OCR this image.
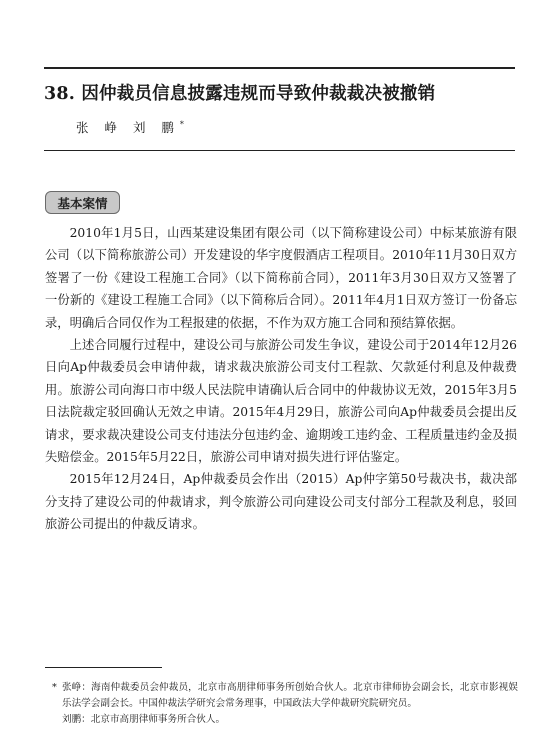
38. 因仲裁员信息披露违规而导致仲裁裁决被撤销
张 峥 刘 鹏*
基本案情

2010年1月5日，山西某建设集团有限公司（以下简称建设公司）中标某旅游有限公司（以下简称旅游公司）开发建设的华宇度假酒店工程项目。2010年11月30日双方签署了一份《建设工程施工合同》（以下简称前合同），2011年3月30日双方又签署了一份新的《建设工程施工合同》（以下简称后合同）。2011年4月1日双方签订一份备忘录，明确后合同仅作为工程报建的依据，不作为双方施工合同和预结算依据。

上述合同履行过程中，建设公司与旅游公司发生争议，建设公司于2014年12月26日向Ap仲裁委员会申请仲裁，请求裁决旅游公司支付工程款、欠款延付利息及仲裁费用。旅游公司向海口市中级人民法院申请确认后合同中的仲裁协议无效，2015年3月5日法院裁定驳回确认无效之申请。2015年4月29日，旅游公司向Ap仲裁委员会提出反请求，要求裁决建设公司支付违法分包违约金、逾期竣工违约金、工程质量违约金及损失赔偿金。2015年5月22日，旅游公司申请对损失进行评估鉴定。

2015年12月24日，Ap仲裁委员会作出（2015）Ap仲字第50号裁决书，裁决部分支持了建设公司的仲裁请求，判令旅游公司向建设公司支付部分工程款及利息，驳回旅游公司提出的仲裁反请求。

* 张峥：海南仲裁委员会仲裁员，北京市高朋律师事务所创始合伙人。北京市律师协会副会长，北京市影视娱乐法学会副会长。中国仲裁法学研究会常务理事，中国政法大学仲裁研究院研究员。

刘鹏：北京市高朋律师事务所合伙人。
